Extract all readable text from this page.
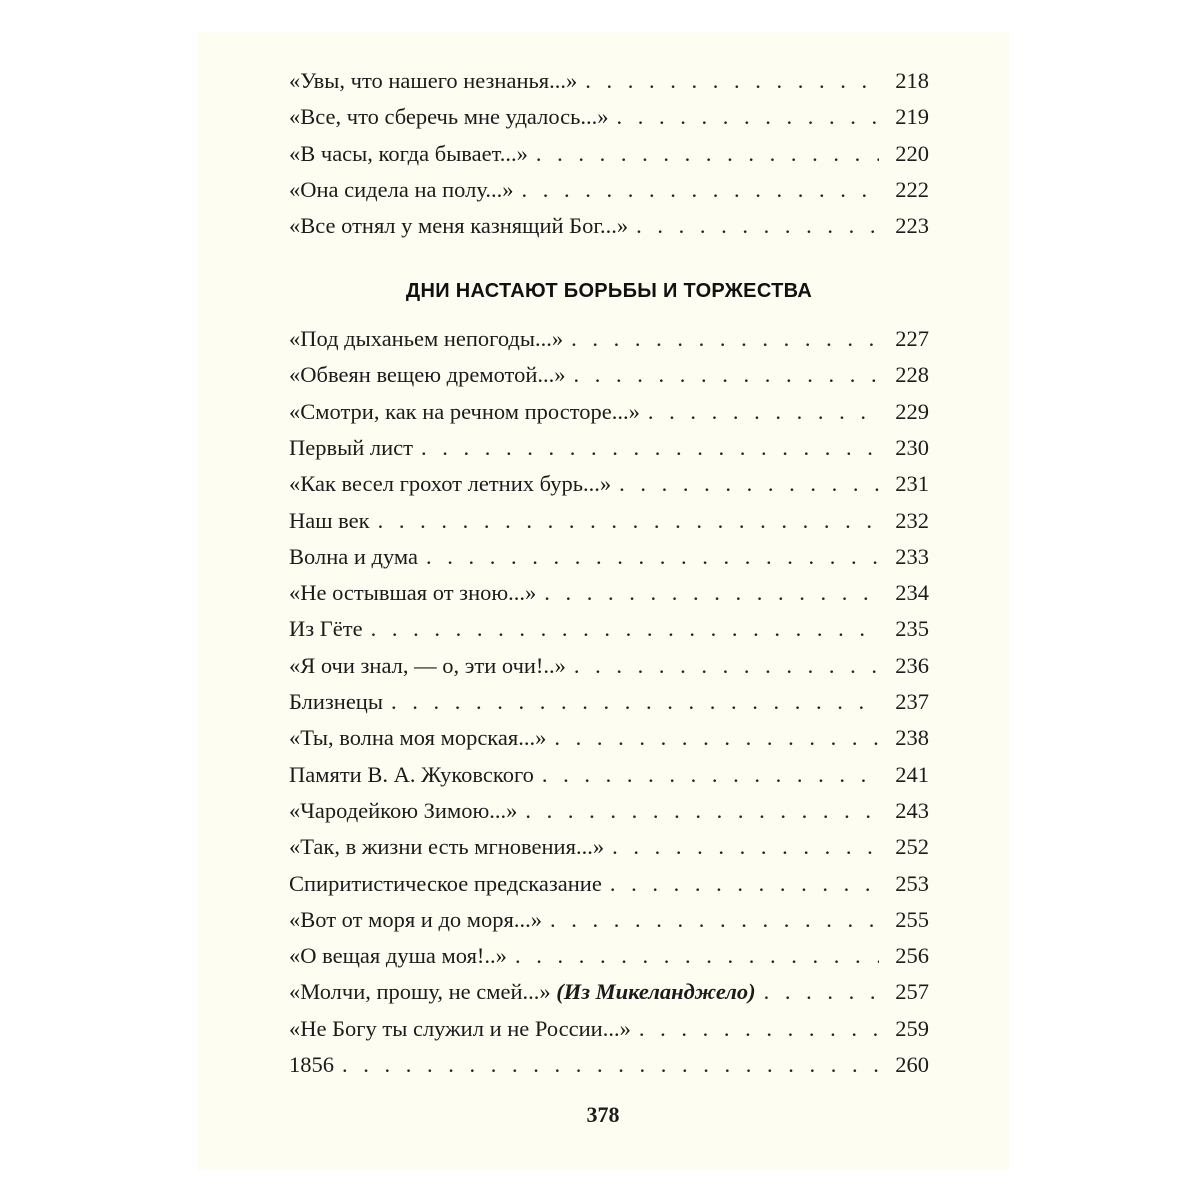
«Увы, что нашего незнанья...» . . .	218
«Все, что сберечь мне удалось...» . . .	219
«В часы, когда бывает...» . . .	220
«Она сидела на полу...» . . .	222
«Все отнял у меня казнящий Бог...» . . .	223
ДНИ НАСТАЮТ БОРЬБЫ И ТОРЖЕСТВА
«Под дыханьем непогоды...» . . .	227
«Обвеян вещею дремотой...» . . .	228
«Смотри, как на речном просторе...» . . .	229
Первый лист . . .	230
«Как весел грохот летних бурь...» . . .	231
Наш век . . .	232
Волна и дума . . .	233
«Не остывшая от зною...» . . .	234
Из Гёте . . .	235
«Я очи знал, — о, эти очи!..» . . .	236
Близнецы . . .	237
«Ты, волна моя морская...» . . .	238
Памяти В. А. Жуковского . . .	241
«Чародейкою Зимою...» . . .	243
«Так, в жизни есть мгновения...» . . .	252
Спиритистическое предсказание . . .	253
«Вот от моря и до моря...» . . .	255
«О вещая душа моя!..» . . .	256
«Молчи, прошу, не смей...» (Из Микеланджело) . . .	257
«Не Богу ты служил и не России...» . . .	259
1856 . . .	260
378
